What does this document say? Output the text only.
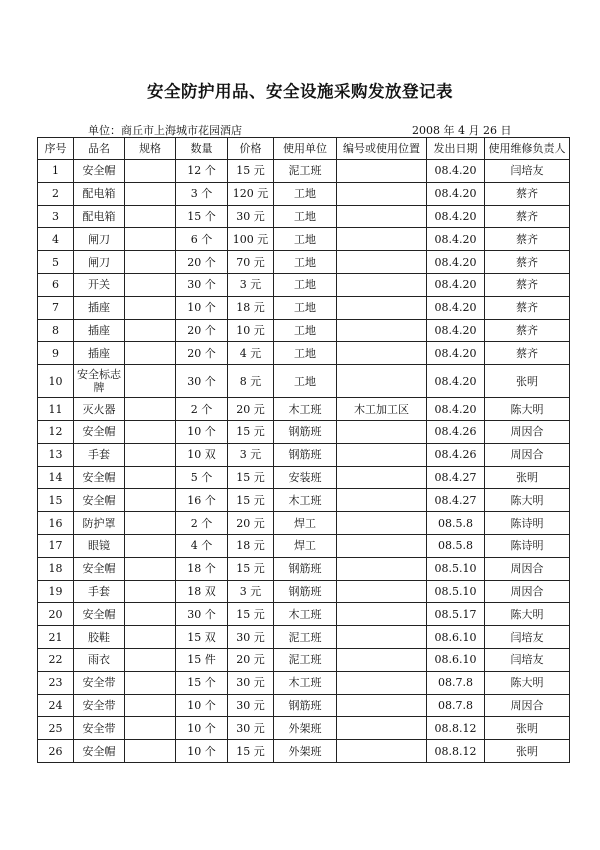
安全防护用品、安全设施采购发放登记表
单位：商丘市上海城市花园酒店	2008 年 4 月 26 日
序号	品名	规格	数量	价格	使用单位	编号或使用位置	发出日期	使用维修负责人
1	安全帽		12 个	15 元	泥工班		08.4.20	闫培友
2	配电箱		3 个	120 元	工地		08.4.20	蔡齐
3	配电箱		15 个	30 元	工地		08.4.20	蔡齐
4	闸刀		6 个	100 元	工地		08.4.20	蔡齐
5	闸刀		20 个	70 元	工地		08.4.20	蔡齐
6	开关		30 个	3 元	工地		08.4.20	蔡齐
7	插座		10 个	18 元	工地		08.4.20	蔡齐
8	插座		20 个	10 元	工地		08.4.20	蔡齐
9	插座		20 个	4 元	工地		08.4.20	蔡齐
10	安全标志牌		30 个	8 元	工地		08.4.20	张明
11	灭火器		2 个	20 元	木工班	木工加工区	08.4.20	陈大明
12	安全帽		10 个	15 元	钢筋班		08.4.26	周因合
13	手套		10 双	3 元	钢筋班		08.4.26	周因合
14	安全帽		5 个	15 元	安装班		08.4.27	张明
15	安全帽		16 个	15 元	木工班		08.4.27	陈大明
16	防护罩		2 个	20 元	焊工		08.5.8	陈诗明
17	眼镜		4 个	18 元	焊工		08.5.8	陈诗明
18	安全帽		18 个	15 元	钢筋班		08.5.10	周因合
19	手套		18 双	3 元	钢筋班		08.5.10	周因合
20	安全帽		30 个	15 元	木工班		08.5.17	陈大明
21	胶鞋		15 双	30 元	泥工班		08.6.10	闫培友
22	雨衣		15 件	20 元	泥工班		08.6.10	闫培友
23	安全带		15 个	30 元	木工班		08.7.8	陈大明
24	安全带		10 个	30 元	钢筋班		08.7.8	周因合
25	安全带		10 个	30 元	外架班		08.8.12	张明
26	安全帽		10 个	15 元	外架班		08.8.12	张明
